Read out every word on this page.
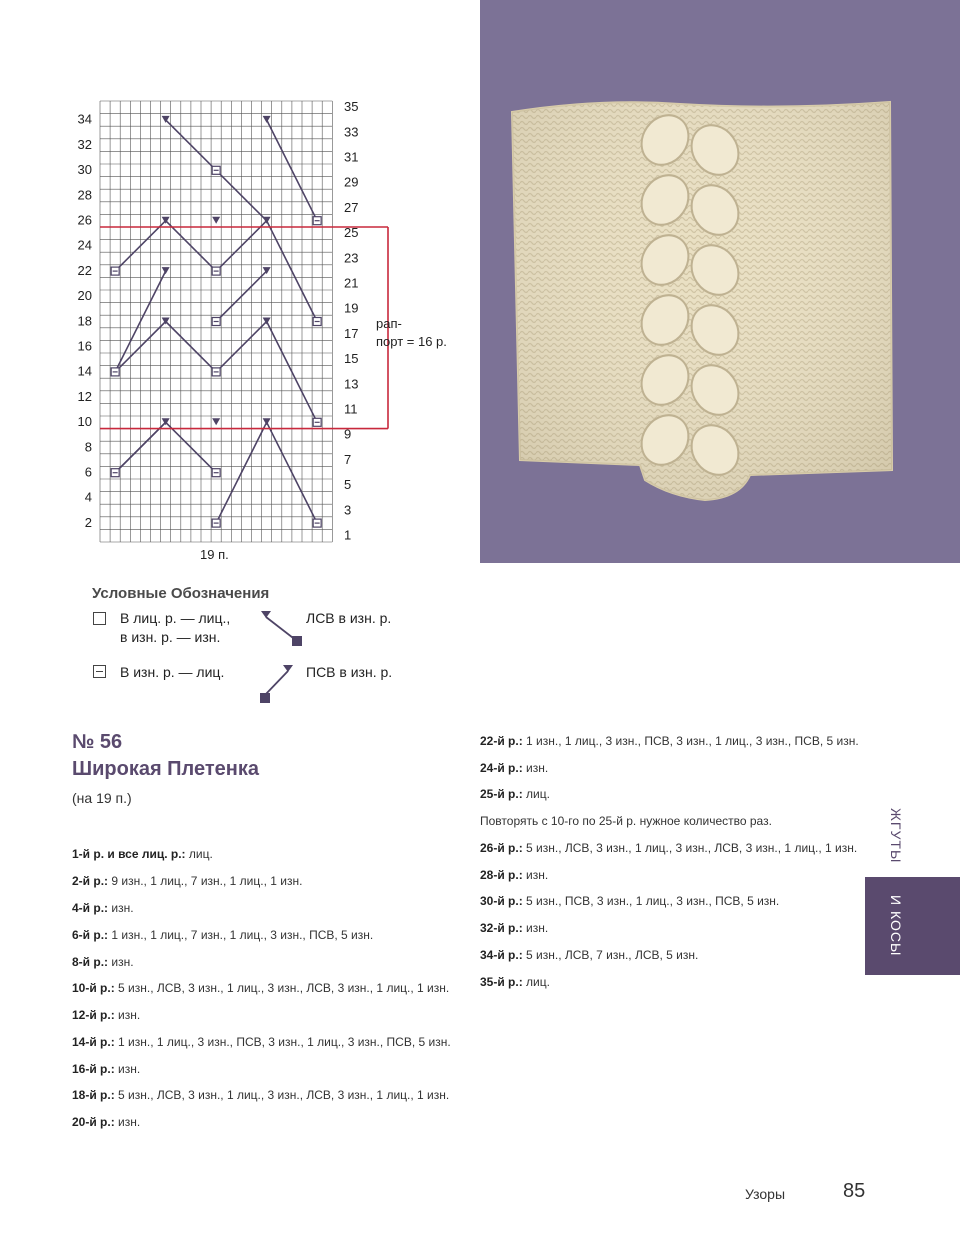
34
32
30
28
26
24
22
20
18
16
14
12
10
8
6
4
2
35
33
31
29
27
25
23
21
19
17
15
13
11
9
7
5
3
1
рап-
порт = 16 р.
19 п.
Условные Обозначения
В лиц. р. — лиц.,
в изн. р. — изн.
В изн. р. — лиц.
ЛСВ в изн. р.
ПСВ в изн. р.
№ 56
Широкая Плетенка
(на 19 п.)
1-й р. и все лиц. р.: лиц.
2-й р.: 9 изн., 1 лиц., 7 изн., 1 лиц., 1 изн.
4-й р.: изн.
6-й р.: 1 изн., 1 лиц., 7 изн., 1 лиц., 3 изн., ПСВ, 5 изн.
8-й р.: изн.
10-й р.: 5 изн., ЛСВ, 3 изн., 1 лиц., 3 изн., ЛСВ, 3 изн., 1 лиц., 1 изн.
12-й р.: изн.
14-й р.: 1 изн., 1 лиц., 3 изн., ПСВ, 3 изн., 1 лиц., 3 изн., ПСВ, 5 изн.
16-й р.: изн.
18-й р.: 5 изн., ЛСВ, 3 изн., 1 лиц., 3 изн., ЛСВ, 3 изн., 1 лиц., 1 изн.
20-й р.: изн.
22-й р.: 1 изн., 1 лиц., 3 изн., ПСВ, 3 изн., 1 лиц., 3 изн., ПСВ, 5 изн.
24-й р.: изн.
25-й р.: лиц.
Повторять с 10-го по 25-й р. нужное количество раз.
26-й р.: 5 изн., ЛСВ, 3 изн., 1 лиц., 3 изн., ЛСВ, 3 изн., 1 лиц., 1 изн.
28-й р.: изн.
30-й р.: 5 изн., ПСВ, 3 изн., 1 лиц., 3 изн., ПСВ, 5 изн.
32-й р.: изн.
34-й р.: 5 изн., ЛСВ, 7 изн., ЛСВ, 5 изн.
35-й р.: лиц.
ЖГУТЫ
И КОСЫ
Узоры	85
